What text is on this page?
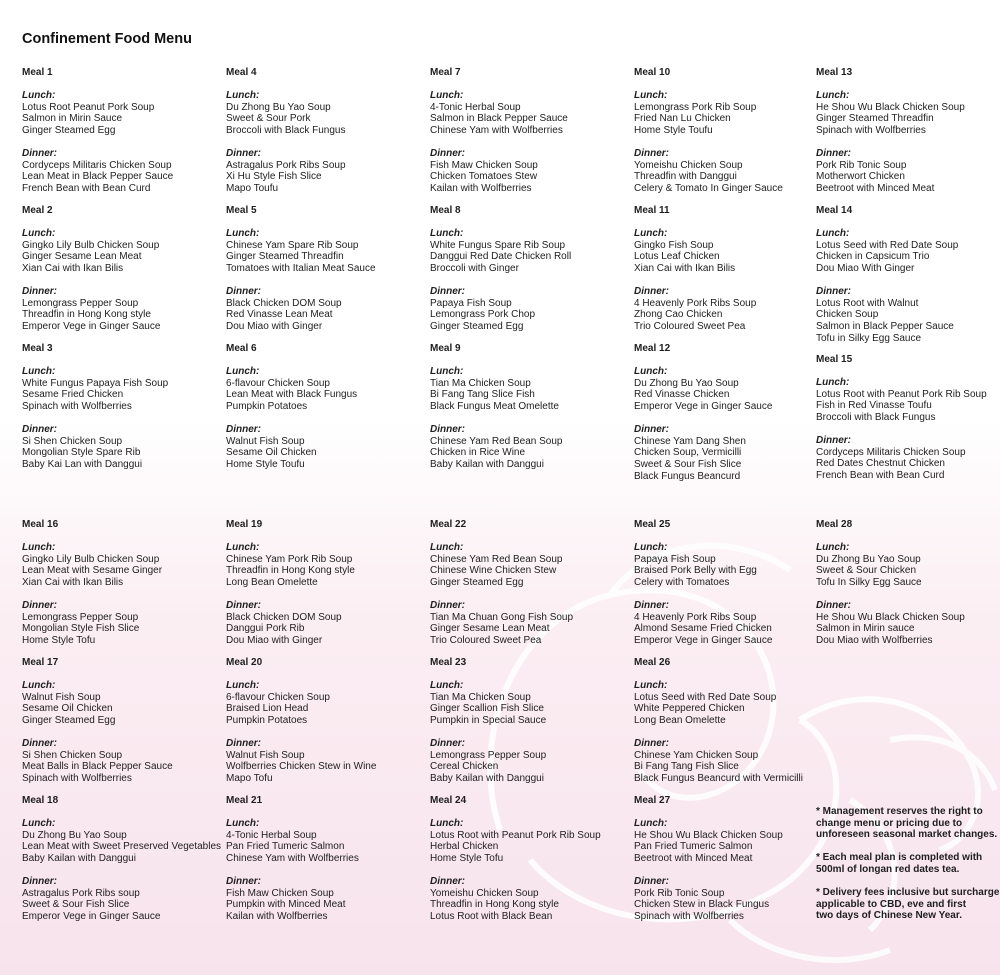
Confinement Food Menu
Meal 1
Lunch:
Lotus Root Peanut Pork Soup
Salmon in Mirin Sauce
Ginger Steamed Egg
Dinner:
Cordyceps Militaris Chicken Soup
Lean Meat in Black Pepper Sauce
French Bean with Bean Curd
Meal 2
Lunch:
Gingko Lily Bulb Chicken Soup
Ginger Sesame Lean Meat
Xian Cai with Ikan Bilis
Dinner:
Lemongrass Pepper Soup
Threadfin in Hong Kong style
Emperor Vege in Ginger Sauce
Meal 3
Lunch:
White Fungus Papaya Fish Soup
Sesame Fried Chicken
Spinach with Wolfberries
Dinner:
Si Shen Chicken Soup
Mongolian Style Spare Rib
Baby Kai Lan with Danggui
Meal 4
Lunch:
Du Zhong Bu Yao Soup
Sweet & Sour Pork
Broccoli with Black Fungus
Dinner:
Astragalus Pork Ribs Soup
Xi Hu Style Fish Slice
Mapo Toufu
Meal 5
Lunch:
Chinese Yam Spare Rib Soup
Ginger Steamed Threadfin
Tomatoes with Italian Meat Sauce
Dinner:
Black Chicken DOM Soup
Red Vinasse Lean Meat
Dou Miao with Ginger
Meal 6
Lunch:
6-flavour Chicken Soup
Lean Meat with Black Fungus
Pumpkin Potatoes
Dinner:
Walnut Fish Soup
Sesame Oil Chicken
Home Style Toufu
Meal 7
Lunch:
4-Tonic Herbal Soup
Salmon in Black Pepper Sauce
Chinese Yam with Wolfberries
Dinner:
Fish Maw Chicken Soup
Chicken Tomatoes Stew
Kailan with Wolfberries
Meal 8
Lunch:
White Fungus Spare Rib Soup
Danggui Red Date Chicken Roll
Broccoli with Ginger
Dinner:
Papaya Fish Soup
Lemongrass Pork Chop
Ginger Steamed Egg
Meal 9
Lunch:
Tian Ma Chicken Soup
Bi Fang Tang Slice Fish
Black Fungus Meat Omelette
Dinner:
Chinese Yam Red Bean Soup
Chicken in Rice Wine
Baby Kailan with Danggui
Meal 10
Lunch:
Lemongrass Pork Rib Soup
Fried Nan Lu Chicken
Home Style Toufu
Dinner:
Yomeishu Chicken Soup
Threadfin with Danggui
Celery & Tomato In Ginger Sauce
Meal 11
Lunch:
Gingko Fish Soup
Lotus Leaf Chicken
Xian Cai with Ikan Bilis
Dinner:
4 Heavenly Pork Ribs Soup
Zhong Cao Chicken
Trio Coloured Sweet Pea
Meal 12
Lunch:
Du Zhong Bu Yao Soup
Red Vinasse Chicken
Emperor Vege in Ginger Sauce
Dinner:
Chinese Yam Dang Shen
Chicken Soup, Vermicilli
Sweet & Sour Fish Slice
Black Fungus Beancurd
Meal 13
Lunch:
He Shou Wu Black Chicken Soup
Ginger Steamed Threadfin
Spinach with Wolfberries
Dinner:
Pork Rib Tonic Soup
Motherwort Chicken
Beetroot with Minced Meat
Meal 14
Lunch:
Lotus Seed with Red Date Soup
Chicken in Capsicum Trio
Dou Miao With Ginger
Dinner:
Lotus Root with Walnut
Chicken Soup
Salmon in Black Pepper Sauce
Tofu in Silky Egg Sauce
Meal 15
Lunch:
Lotus Root with Peanut Pork Rib Soup
Fish in Red Vinasse Toufu
Broccoli with Black Fungus
Dinner:
Cordyceps Militaris Chicken Soup
Red Dates Chestnut Chicken
French Bean with Bean Curd
Meal 16
Lunch:
Gingko Lily Bulb Chicken Soup
Lean Meat with Sesame Ginger
Xian Cai with Ikan Bilis
Dinner:
Lemongrass Pepper Soup
Mongolian Style Fish Slice
Home Style Tofu
Meal 17
Lunch:
Walnut Fish Soup
Sesame Oil Chicken
Ginger Steamed Egg
Dinner:
Si Shen Chicken Soup
Meat Balls in Black Pepper Sauce
Spinach with Wolfberries
Meal 18
Lunch:
Du Zhong Bu Yao Soup
Lean Meat with Sweet Preserved Vegetables
Baby Kailan with Danggui
Dinner:
Astragalus Pork Ribs soup
Sweet & Sour Fish Slice
Emperor Vege in Ginger Sauce
Meal 19
Lunch:
Chinese Yam Pork Rib Soup
Threadfin in Hong Kong style
Long Bean Omelette
Dinner:
Black Chicken DOM Soup
Danggui Pork Rib
Dou Miao with Ginger
Meal 20
Lunch:
6-flavour Chicken Soup
Braised Lion Head
Pumpkin Potatoes
Dinner:
Walnut Fish Soup
Wolfberries Chicken Stew in Wine
Mapo Tofu
Meal 21
Lunch:
4-Tonic Herbal Soup
Pan Fried Tumeric Salmon
Chinese Yam with Wolfberries
Dinner:
Fish Maw Chicken Soup
Pumpkin with Minced Meat
Kailan with Wolfberries
Meal 22
Lunch:
Chinese Yam Red Bean Soup
Chinese Wine Chicken Stew
Ginger Steamed Egg
Dinner:
Tian Ma Chuan Gong Fish Soup
Ginger Sesame Lean Meat
Trio Coloured Sweet Pea
Meal 23
Lunch:
Tian Ma Chicken Soup
Ginger Scallion Fish Slice
Pumpkin in Special Sauce
Dinner:
Lemongrass Pepper Soup
Cereal Chicken
Baby Kailan with Danggui
Meal 24
Lunch:
Lotus Root with Peanut Pork Rib Soup
Herbal Chicken
Home Style Tofu
Dinner:
Yomeishu Chicken Soup
Threadfin in Hong Kong style
Lotus Root with Black Bean
Meal 25
Lunch:
Papaya Fish Soup
Braised Pork Belly with Egg
Celery with Tomatoes
Dinner:
4 Heavenly Pork Ribs Soup
Almond Sesame Fried Chicken
Emperor Vege in Ginger Sauce
Meal 26
Lunch:
Lotus Seed with Red Date Soup
White Peppered Chicken
Long Bean Omelette
Dinner:
Chinese Yam Chicken Soup
Bi Fang Tang Fish Slice
Black Fungus Beancurd with Vermicilli
Meal 27
Lunch:
He Shou Wu Black Chicken Soup
Pan Fried Tumeric Salmon
Beetroot with Minced Meat
Dinner:
Pork Rib Tonic Soup
Chicken Stew in Black Fungus
Spinach with Wolfberries
Meal 28
Lunch:
Du Zhong Bu Yao Soup
Sweet & Sour Chicken
Tofu In Silky Egg Sauce
Dinner:
He Shou Wu Black Chicken Soup
Salmon in Mirin sauce
Dou Miao with Wolfberries
* Management reserves the right to
change menu or pricing due to
unforeseen seasonal market changes.
* Each meal plan is completed with
500ml of longan red dates tea.
* Delivery fees inclusive but surcharge
applicable to CBD, eve and first
two days of Chinese New Year.
